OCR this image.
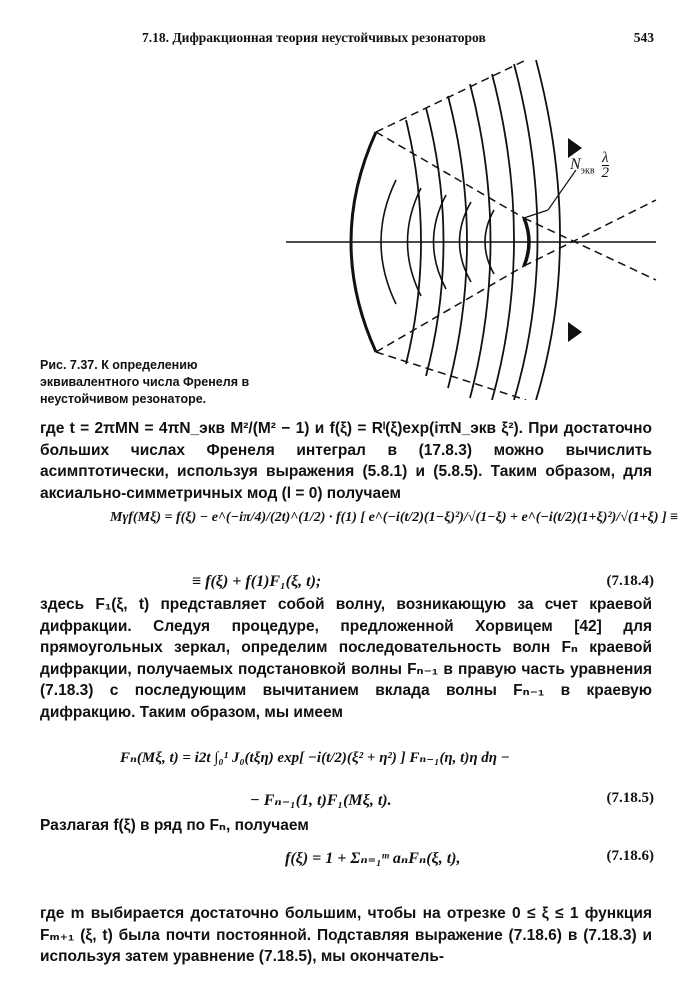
7.18. Дифракционная теория неустойчивых резонаторов	543
$N_{экв} \frac{\lambda}{2}$
Рис. 7.37. К определению эквивалентного числа Френеля в неустойчивом резонаторе.
где t = 2πMN = 4πN_экв M²/(M² − 1) и f(ξ) = Rˡ(ξ)exp(iπN_экв ξ²). При достаточно больших числах Френеля интеграл в (17.8.3) можно вычислить асимптотически, используя выражения (5.8.1) и (5.8.5). Таким образом, для аксиально-симметричных мод (l = 0) получаем
Mγf(Mξ) = f(ξ) − e^(−iπ/4)/(2t)^(1/2) · f(1) [ e^(−i(t/2)(1−ξ)²)/√(1−ξ) + e^(−i(t/2)(1+ξ)²)/√(1+ξ) ] ≡
≡ f(ξ) + f(1)F₁(ξ, t);	(7.18.4)
здесь F₁(ξ, t) представляет собой волну, возникающую за счет краевой дифракции. Следуя процедуре, предложенной Хорвицем [42] для прямоугольных зеркал, определим последовательность волн Fₙ краевой дифракции, получаемых подстановкой волны Fₙ₋₁ в правую часть уравнения (7.18.3) с последующим вычитанием вклада волны Fₙ₋₁ в краевую дифракцию. Таким образом, мы имеем
Fₙ(Mξ, t) = i2t ∫₀¹ J₀(tξη) exp[ −i(t/2)(ξ² + η²) ] Fₙ₋₁(η, t)η dη −
− Fₙ₋₁(1, t)F₁(Mξ, t).	(7.18.5)
Разлагая f(ξ) в ряд по Fₙ, получаем
f(ξ) = 1 + Σₙ₌₁ᵐ aₙFₙ(ξ, t),	(7.18.6)
где m выбирается достаточно большим, чтобы на отрезке 0 ≤ ξ ≤ 1 функция Fₘ₊₁ (ξ, t) была почти постоянной. Подставляя выражение (7.18.6) в (7.18.3) и используя затем уравнение (7.18.5), мы окончатель-
